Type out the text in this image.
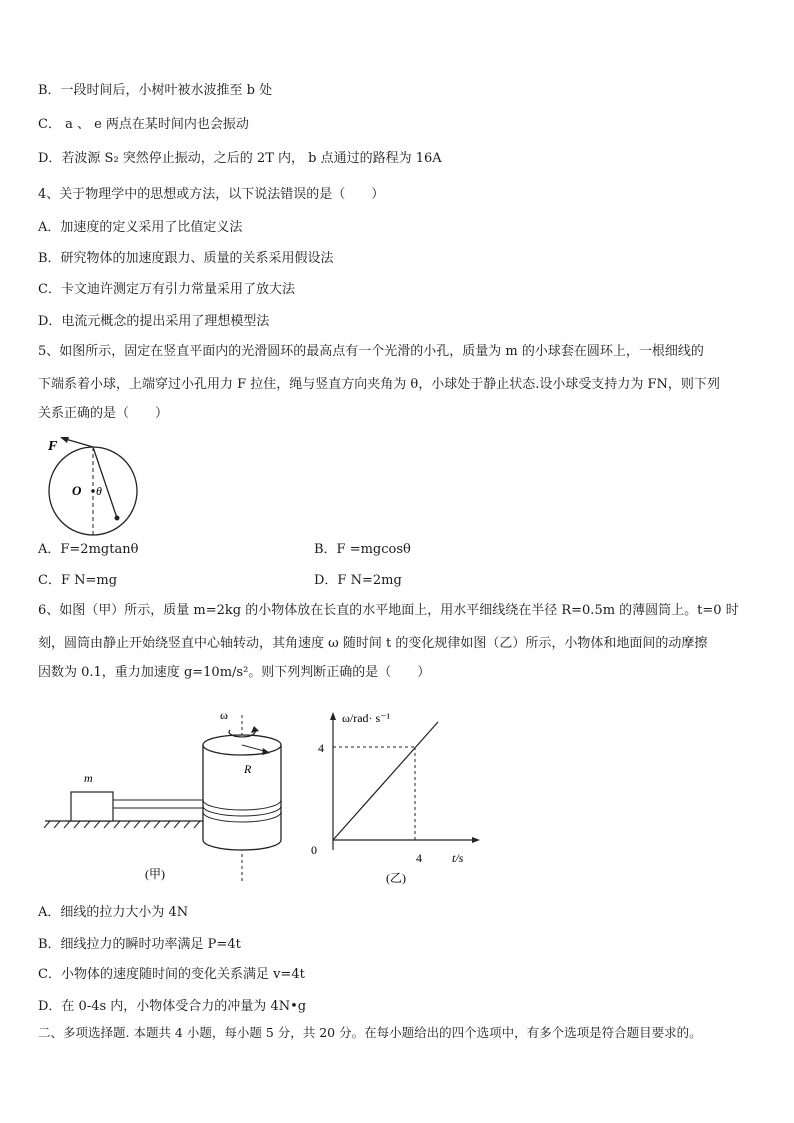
B．一段时间后，小树叶被水波推至 b 处
C． a 、 e 两点在某时间内也会振动
D．若波源 S₂ 突然停止振动，之后的 2T 内， b 点通过的路程为 16A
4、关于物理学中的思想或方法，以下说法错误的是（　　）
A．加速度的定义采用了比值定义法
B．研究物体的加速度跟力、质量的关系采用假设法
C．卡文迪许测定万有引力常量采用了放大法
D．电流元概念的提出采用了理想模型法
5、如图所示，固定在竖直平面内的光滑圆环的最高点有一个光滑的小孔，质量为 m 的小球套在圆环上，一根细线的
下端系着小球，上端穿过小孔用力 F 拉住，绳与竖直方向夹角为 θ，小球处于静止状态.设小球受支持力为 FN，则下列
关系正确的是（　　）
F
O θ
A．F=2mgtanθ	B．F =mgcosθ
C．F N=mg	D．F N=2mg
6、如图（甲）所示，质量 m=2kg 的小物体放在长直的水平地面上，用水平细线绕在半径 R=0.5m 的薄圆筒上。t=0 时
刻，圆筒由静止开始绕竖直中心轴转动，其角速度 ω 随时间 t 的变化规律如图（乙）所示，小物体和地面间的动摩擦
因数为 0.1，重力加速度 g=10m/s²。则下列判断正确的是（　　）
m
R
ω
(甲)
ω/rad· s⁻¹
4
0
4	t/s
(乙)
A．细线的拉力大小为 4N
B．细线拉力的瞬时功率满足 P=4t
C．小物体的速度随时间的变化关系满足 v=4t
D．在 0-4s 内，小物体受合力的冲量为 4N•g
二、多项选择题. 本题共 4 小题，每小题 5 分，共 20 分。在每小题给出的四个选项中，有多个选项是符合题目要求的。
